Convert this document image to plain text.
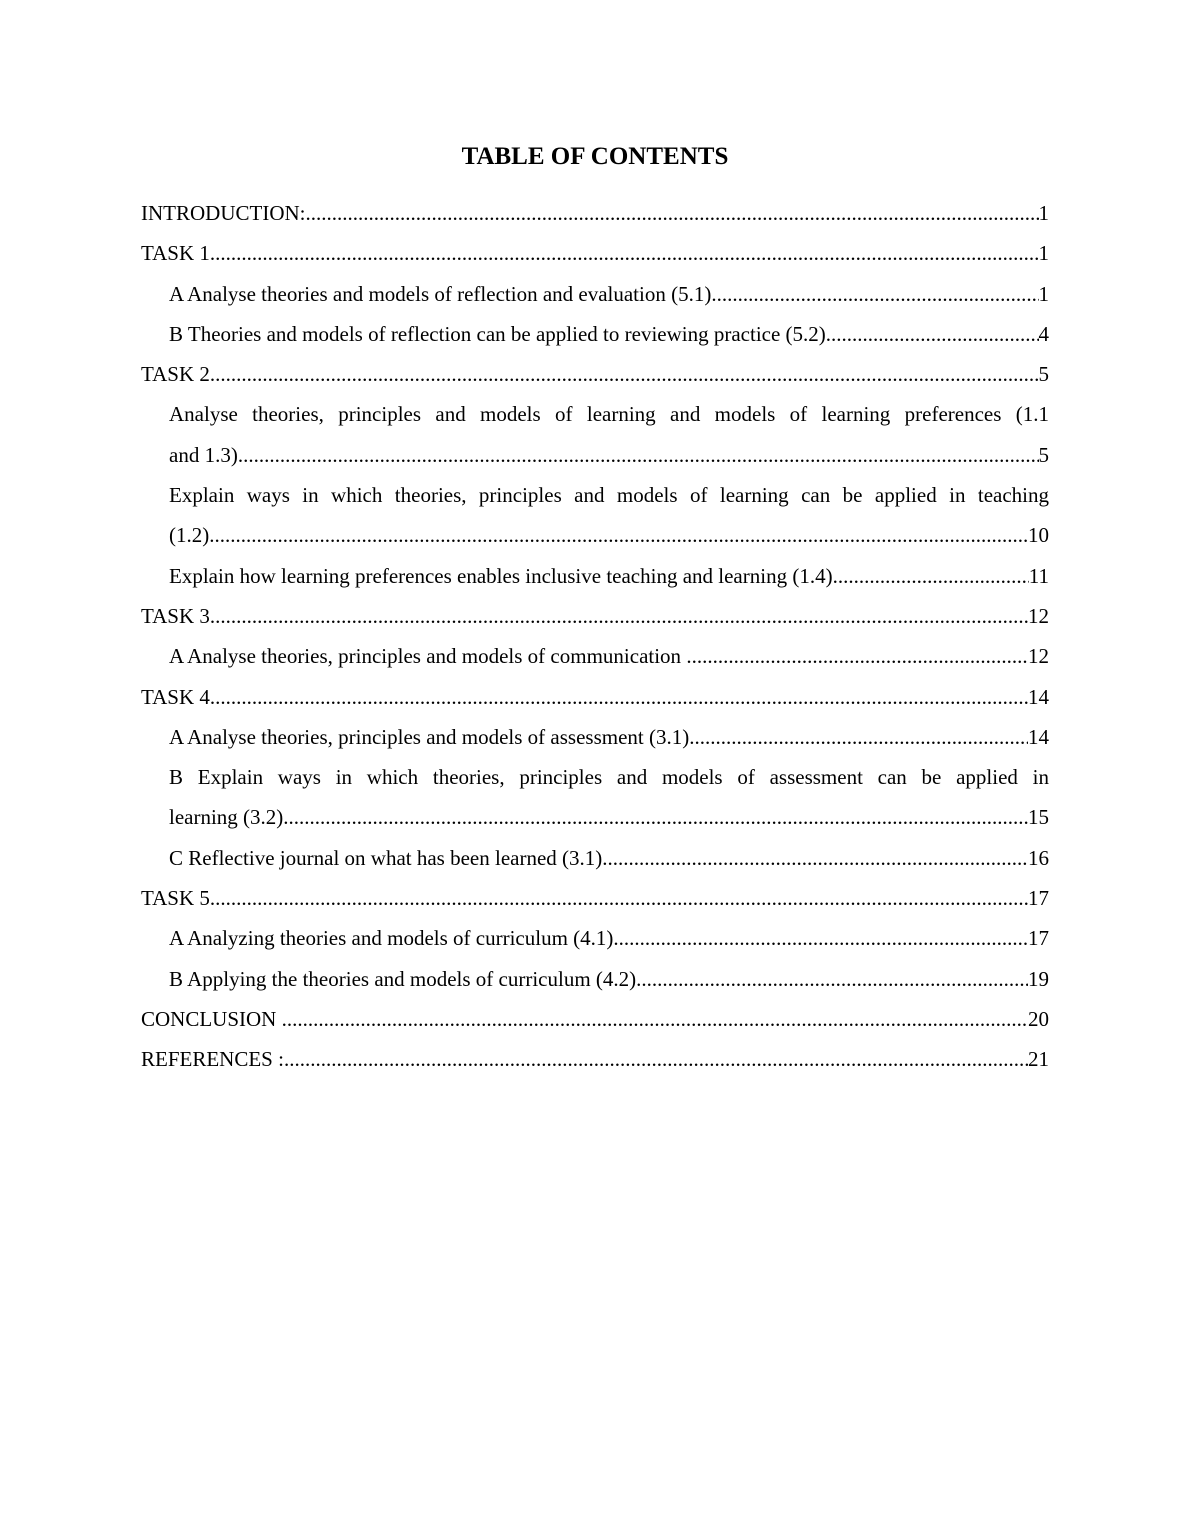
TABLE OF CONTENTS
INTRODUCTION: .....	1
TASK 1 .....	1
A Analyse theories and models of reflection and evaluation (5.1) .....	1
B Theories and models of reflection can be applied to reviewing practice (5.2) .....	4
TASK 2 .....	5
Analyse theories, principles and models of learning and models of learning preferences (1.1
and 1.3) .....	5
Explain ways in which theories, principles and models of learning can be applied in teaching
(1.2) .....	10
Explain how learning preferences enables inclusive teaching and learning (1.4) .....	11
TASK 3 .....	12
A Analyse theories, principles and models of communication .....	12
TASK 4 .....	14
A Analyse theories, principles and models of assessment (3.1) .....	14
B Explain ways in which theories, principles and models of assessment can be applied in
learning (3.2) .....	15
C Reflective journal on what has been learned (3.1) .....	16
TASK 5 .....	17
A Analyzing theories and models of curriculum (4.1) .....	17
B Applying the theories and models of curriculum (4.2) .....	19
CONCLUSION .....	20
REFERENCES : .....	21
